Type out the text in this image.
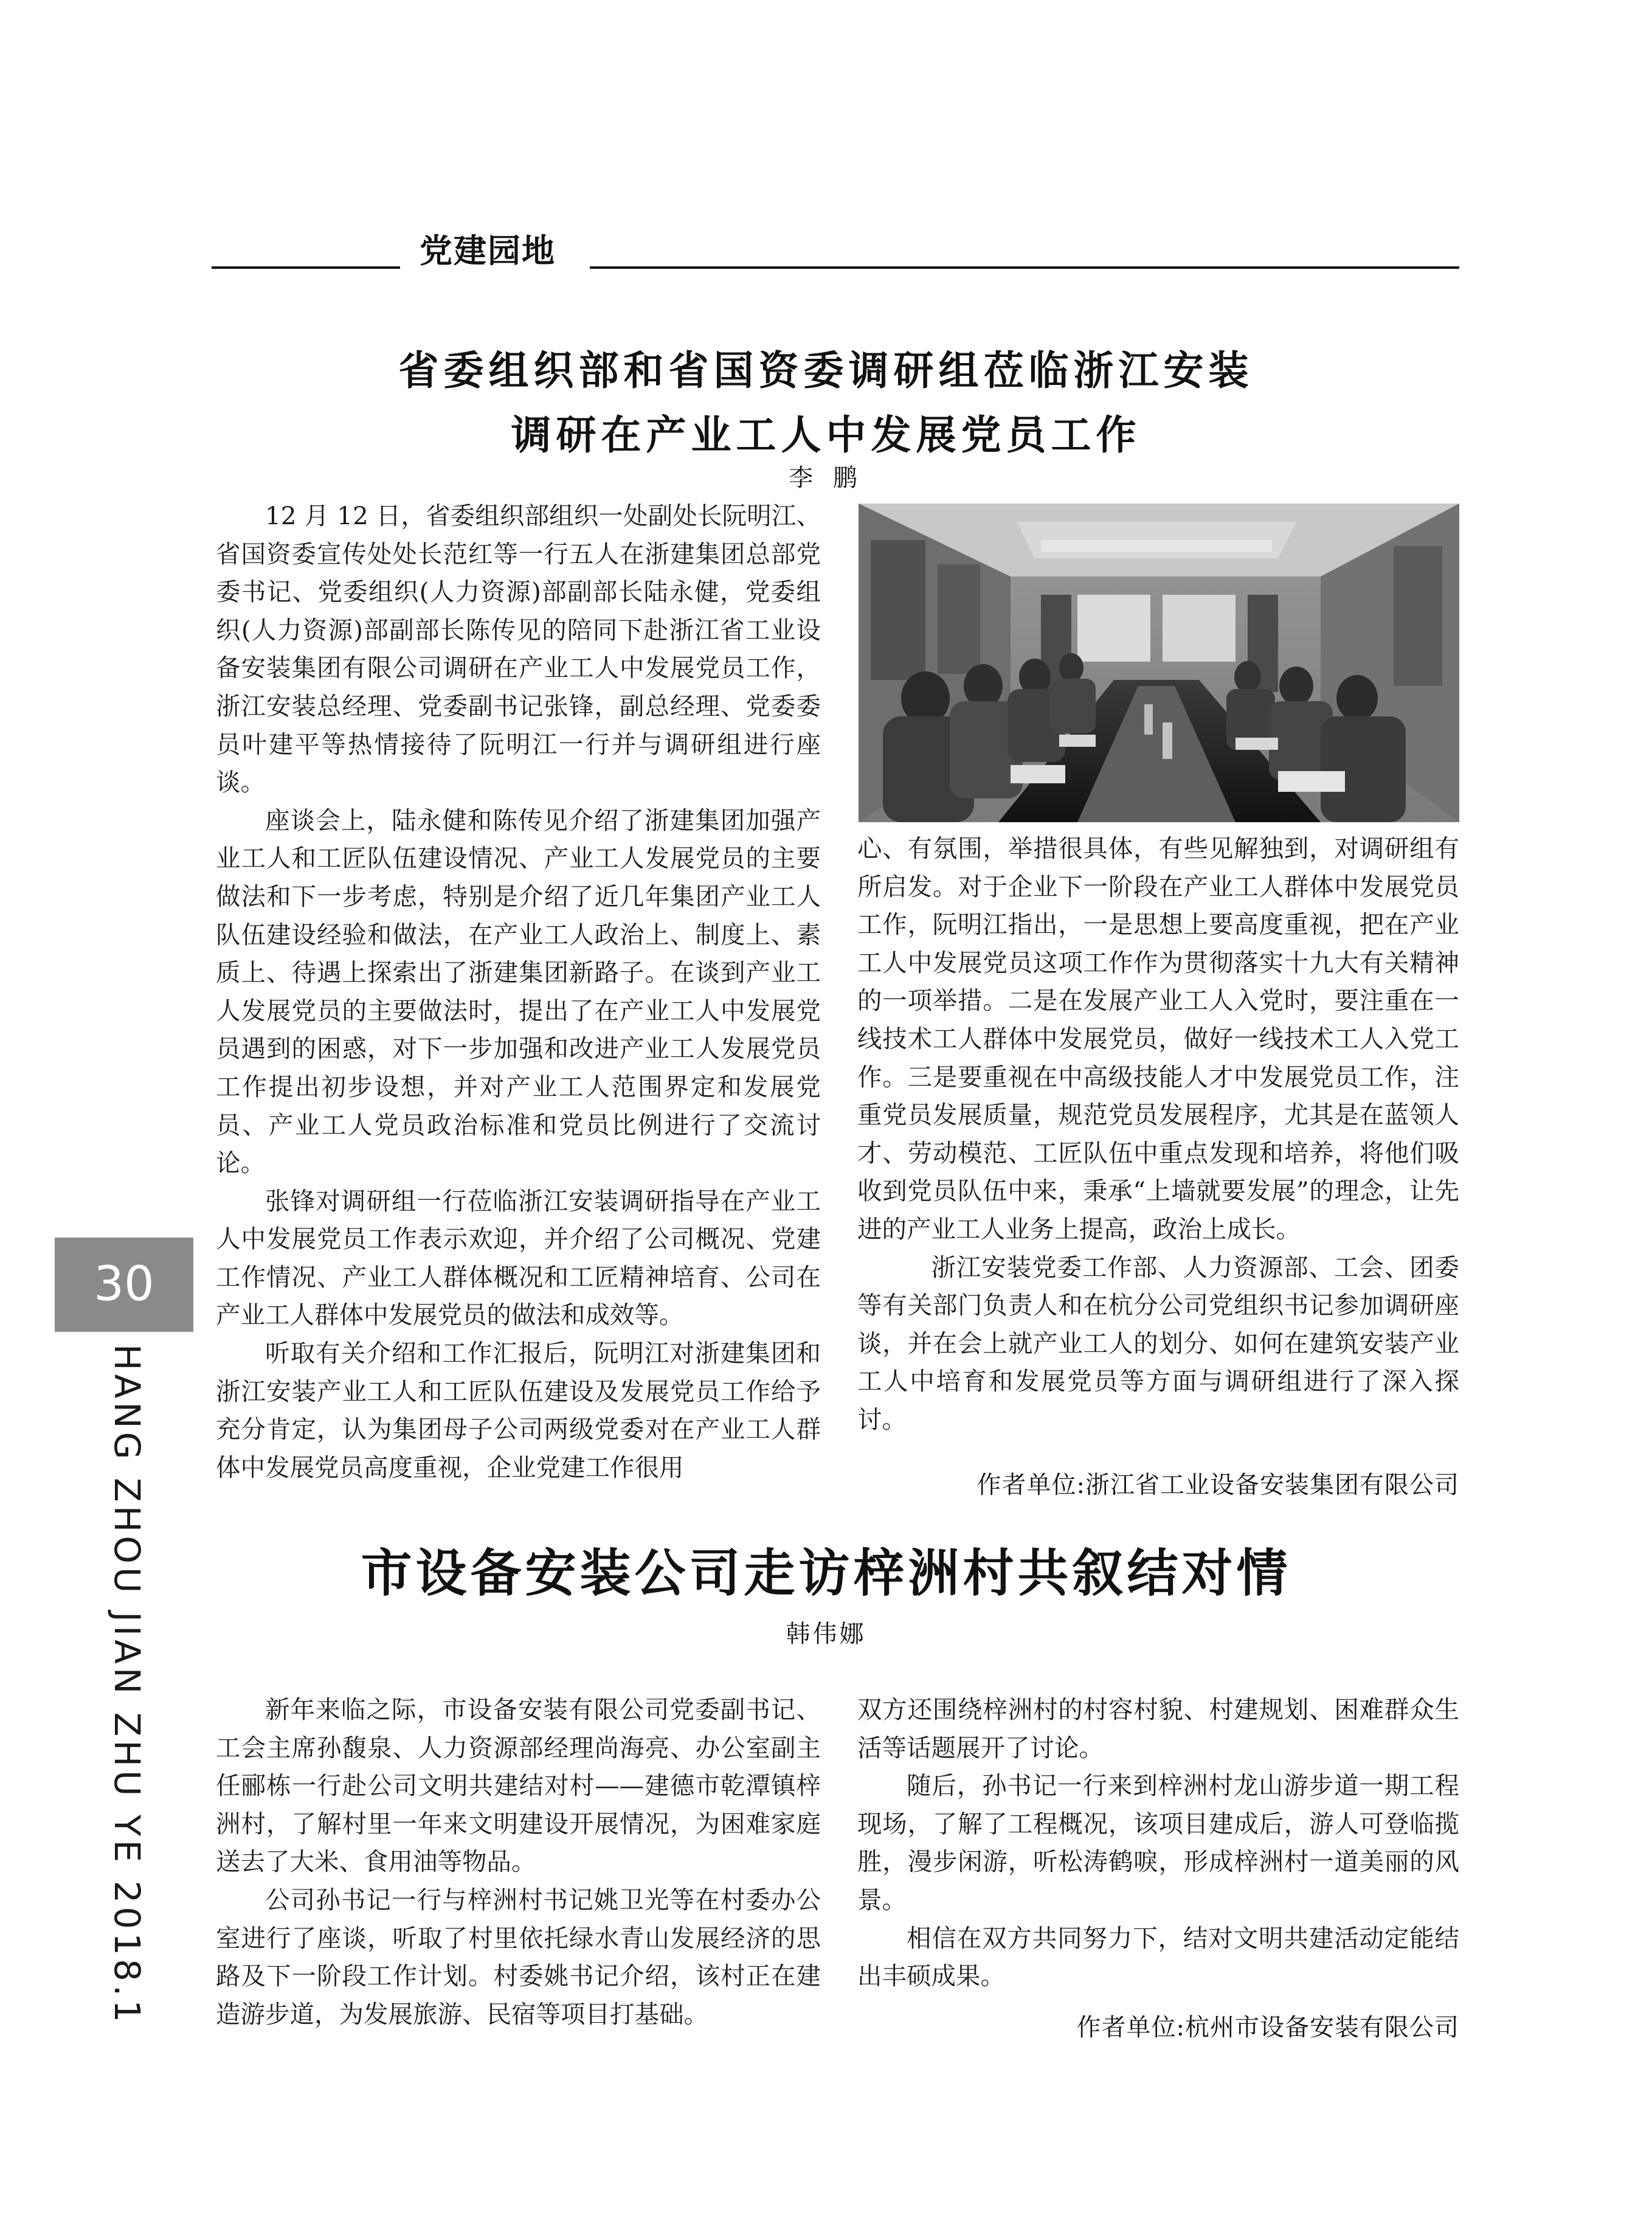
党建园地
省委组织部和省国资委调研组莅临浙江安装
调研在产业工人中发展党员工作
李 鹏

12 月 12 日，省委组织部组织一处副处长阮明江、省国资委宣传处处长范红等一行五人在浙建集团总部党委书记、党委组织(人力资源)部副部长陆永健，党委组织(人力资源)部副部长陈传见的陪同下赴浙江省工业设备安装集团有限公司调研在产业工人中发展党员工作，浙江安装总经理、党委副书记张锋，副总经理、党委委员叶建平等热情接待了阮明江一行并与调研组进行座谈。

座谈会上，陆永健和陈传见介绍了浙建集团加强产业工人和工匠队伍建设情况、产业工人发展党员的主要做法和下一步考虑，特别是介绍了近几年集团产业工人队伍建设经验和做法，在产业工人政治上、制度上、素质上、待遇上探索出了浙建集团新路子。在谈到产业工人发展党员的主要做法时，提出了在产业工人中发展党员遇到的困惑，对下一步加强和改进产业工人发展党员工作提出初步设想，并对产业工人范围界定和发展党员、产业工人党员政治标准和党员比例进行了交流讨论。

张锋对调研组一行莅临浙江安装调研指导在产业工人中发展党员工作表示欢迎，并介绍了公司概况、党建工作情况、产业工人群体概况和工匠精神培育、公司在产业工人群体中发展党员的做法和成效等。

听取有关介绍和工作汇报后，阮明江对浙建集团和浙江安装产业工人和工匠队伍建设及发展党员工作给予充分肯定，认为集团母子公司两级党委对在产业工人群体中发展党员高度重视，企业党建工作很用

心、有氛围，举措很具体，有些见解独到，对调研组有所启发。对于企业下一阶段在产业工人群体中发展党员工作，阮明江指出，一是思想上要高度重视，把在产业工人中发展党员这项工作作为贯彻落实十九大有关精神的一项举措。二是在发展产业工人入党时，要注重在一线技术工人群体中发展党员，做好一线技术工人入党工作。三是要重视在中高级技能人才中发展党员工作，注重党员发展质量，规范党员发展程序，尤其是在蓝领人才、劳动模范、工匠队伍中重点发现和培养，将他们吸收到党员队伍中来，秉承“上墙就要发展”的理念，让先进的产业工人业务上提高，政治上成长。

浙江安装党委工作部、人力资源部、工会、团委等有关部门负责人和在杭分公司党组织书记参加调研座谈，并在会上就产业工人的划分、如何在建筑安装产业工人中培育和发展党员等方面与调研组进行了深入探讨。

作者单位:浙江省工业设备安装集团有限公司
30
HANG ZHOU JIAN ZHU YE 2018.1	市设备安装公司走访梓洲村共叙结对情
韩伟娜

新年来临之际，市设备安装有限公司党委副书记、工会主席孙馥泉、人力资源部经理尚海亮、办公室副主任郦栋一行赴公司文明共建结对村——建德市乾潭镇梓洲村，了解村里一年来文明建设开展情况，为困难家庭送去了大米、食用油等物品。

公司孙书记一行与梓洲村书记姚卫光等在村委办公室进行了座谈，听取了村里依托绿水青山发展经济的思路及下一阶段工作计划。村委姚书记介绍，该村正在建造游步道，为发展旅游、民宿等项目打基础。

双方还围绕梓洲村的村容村貌、村建规划、困难群众生活等话题展开了讨论。

随后，孙书记一行来到梓洲村龙山游步道一期工程现场，了解了工程概况，该项目建成后，游人可登临揽胜，漫步闲游，听松涛鹤唳，形成梓洲村一道美丽的风景。

相信在双方共同努力下，结对文明共建活动定能结出丰硕成果。

作者单位:杭州市设备安装有限公司
